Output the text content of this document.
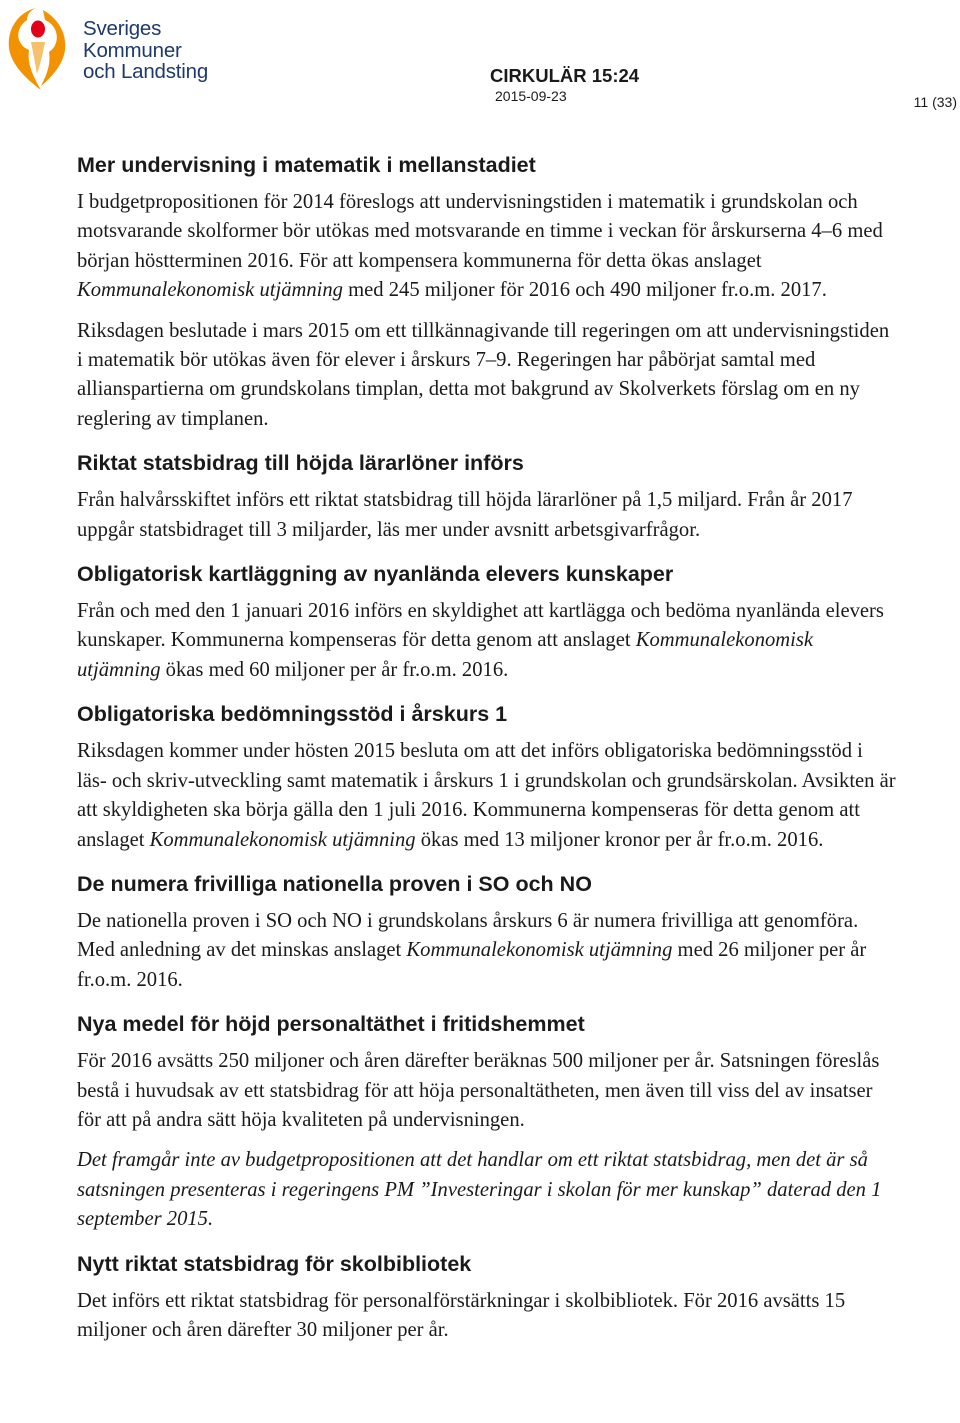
Sveriges
Kommuner
och Landsting	CIRKULÄR 15:24
2015-09-23	11 (33)
Mer undervisning i matematik i mellanstadiet

I budgetpropositionen för 2014 föreslogs att undervisningstiden i matematik i grundskolan och motsvarande skolformer bör utökas med motsvarande en timme i veckan för årskurserna 4–6 med början höstterminen 2016. För att kompensera kommunerna för detta ökas anslaget Kommunalekonomisk utjämning med 245 miljoner för 2016 och 490 miljoner fr.o.m. 2017.

Riksdagen beslutade i mars 2015 om ett tillkännagivande till regeringen om att undervisningstiden i matematik bör utökas även för elever i årskurs 7–9. Regeringen har påbörjat samtal med allianspartierna om grundskolans timplan, detta mot bakgrund av Skolverkets förslag om en ny reglering av timplanen.

Riktat statsbidrag till höjda lärarlöner införs

Från halvårsskiftet införs ett riktat statsbidrag till höjda lärarlöner på 1,5 miljard. Från år 2017 uppgår statsbidraget till 3 miljarder, läs mer under avsnitt arbetsgivarfrågor.

Obligatorisk kartläggning av nyanlända elevers kunskaper

Från och med den 1 januari 2016 införs en skyldighet att kartlägga och bedöma nyanlända elevers kunskaper. Kommunerna kompenseras för detta genom att anslaget Kommunalekonomisk utjämning ökas med 60 miljoner per år fr.o.m. 2016.

Obligatoriska bedömningsstöd i årskurs 1

Riksdagen kommer under hösten 2015 besluta om att det införs obligatoriska bedömningsstöd i läs- och skriv-utveckling samt matematik i årskurs 1 i grundskolan och grundsärskolan. Avsikten är att skyldigheten ska börja gälla den 1 juli 2016. Kommunerna kompenseras för detta genom att anslaget Kommunalekonomisk utjämning ökas med 13 miljoner kronor per år fr.o.m. 2016.

De numera frivilliga nationella proven i SO och NO

De nationella proven i SO och NO i grundskolans årskurs 6 är numera frivilliga att genomföra. Med anledning av det minskas anslaget Kommunalekonomisk utjämning med 26 miljoner per år fr.o.m. 2016.

Nya medel för höjd personaltäthet i fritidshemmet

För 2016 avsätts 250 miljoner och åren därefter beräknas 500 miljoner per år. Satsningen föreslås bestå i huvudsak av ett statsbidrag för att höja personaltätheten, men även till viss del av insatser för att på andra sätt höja kvaliteten på undervisningen.

Det framgår inte av budgetpropositionen att det handlar om ett riktat statsbidrag, men det är så satsningen presenteras i regeringens PM ”Investeringar i skolan för mer kunskap” daterad den 1 september 2015.

Nytt riktat statsbidrag för skolbibliotek

Det införs ett riktat statsbidrag för personalförstärkningar i skolbibliotek. För 2016 avsätts 15 miljoner och åren därefter 30 miljoner per år.
